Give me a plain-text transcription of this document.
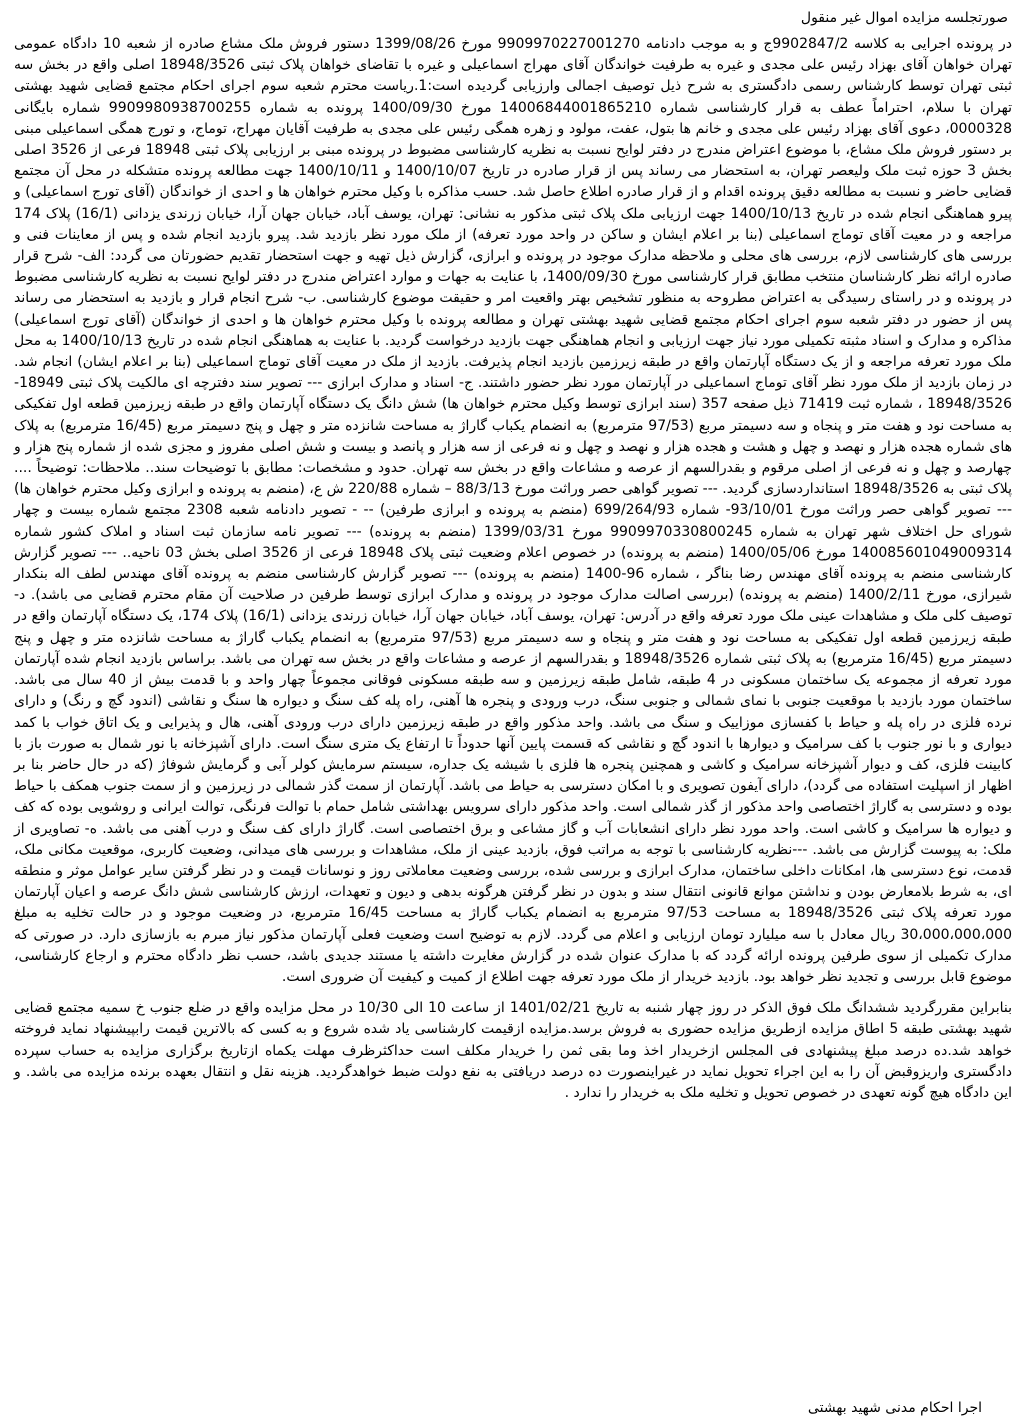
صورتجلسه مزایده اموال غیر منقول

در پرونده اجرایی به کلاسه 9902847/2ج و به موجب دادنامه 9909970227001270 مورخ 1399/08/26 دستور فروش ملک مشاع صادره از شعبه 10 دادگاه عمومی تهران خواهان آقای بهزاد رئیس علی مجدی و غیره به طرفیت خواندگان آقای مهراج اسماعیلی و غیره با تقاضای خواهان پلاک ثبتی 18948/3526 اصلی واقع در بخش سه ثبتی تهران توسط کارشناس رسمی دادگستری به شرح ذیل توصیف اجمالی وارزیابی گردیده است:1.ریاست محترم شعبه سوم اجرای احکام مجتمع قضایی شهید بهشتی تهران با سلام، احتراماً عطف به قرار کارشناسی شماره 14006844001865210 مورخ 1400/09/30 پرونده به شماره 9909980938700255 شماره بایگانی 0000328، دعوی آقای بهزاد رئیس علی مجدی و خانم ها بتول، عفت، مولود و زهره همگی رئیس علی مجدی به طرفیت آقایان مهراج، توماج، و تورج همگی اسماعیلی مبنی بر دستور فروش ملک مشاع، با موضوع اعتراض مندرج در دفتر لوایح نسبت به نظریه کارشناسی مضبوط در پرونده مبنی بر ارزیابی پلاک ثبتی 18948 فرعی از 3526 اصلی بخش 3 حوزه ثبت ملک ولیعصر تهران، به استحضار می رساند پس از قرار صادره در تاریخ 1400/10/07 و 1400/10/11 جهت مطالعه پرونده متشکله در محل آن مجتمع قضایی حاضر و نسبت به مطالعه دقیق پرونده اقدام و از قرار صادره اطلاع حاصل شد. حسب مذاکره با وکیل محترم خواهان ها و احدی از خواندگان (آقای تورج اسماعیلی) و پیرو هماهنگی انجام شده در تاریخ 1400/10/13 جهت ارزیابی ملک پلاک ثبتی مذکور به نشانی: تهران، یوسف آباد، خیابان جهان آرا، خیابان زرندی یزدانی (16/1) پلاک 174 مراجعه و در معیت آقای توماج اسماعیلی (بنا بر اعلام ایشان و ساکن در واحد مورد تعرفه) از ملک مورد نظر بازدید شد. پیرو بازدید انجام شده و پس از معاینات فنی و بررسی های کارشناسی لازم، بررسی های محلی و ملاحظه مدارک موجود در پرونده و ابرازی، گزارش ذیل تهیه و جهت استحضار تقدیم حضورتان می گردد: الف- شرح قرار صادره ارائه نظر کارشناسان منتخب مطابق قرار کارشناسی مورخ 1400/09/30، با عنایت به جهات و موارد اعتراض مندرج در دفتر لوایح نسبت به نظریه کارشناسی مضبوط در پرونده و در راستای رسیدگی به اعتراض مطروحه به منظور تشخیص بهتر واقعیت امر و حقیقت موضوع کارشناسی. ب- شرح انجام قرار و بازدید به استحضار می رساند پس از حضور در دفتر شعبه سوم اجرای احکام مجتمع قضایی شهید بهشتی تهران و مطالعه پرونده با وکیل محترم خواهان ها و احدی از خواندگان (آقای تورج اسماعیلی) مذاکره و مدارک و اسناد مثبته تکمیلی مورد نیاز جهت ارزیابی و انجام هماهنگی جهت بازدید درخواست گردید. با عنایت به هماهنگی انجام شده در تاریخ 1400/10/13 به محل ملک مورد تعرفه مراجعه و از یک دستگاه آپارتمان واقع در طبقه زیرزمین بازدید انجام پذیرفت. بازدید از ملک در معیت آقای توماج اسماعیلی (بنا بر اعلام ایشان) انجام شد. در زمان بازدید از ملک مورد نظر آقای توماج اسماعیلی در آپارتمان مورد نظر حضور داشتند. ج- اسناد و مدارک ابرازی --- تصویر سند دفترچه ای مالکیت پلاک ثبتی 18949-18948/3526 ، شماره ثبت 71419 ذیل صفحه 357 (سند ابرازی توسط وکیل محترم خواهان ها) شش دانگ یک دستگاه آپارتمان واقع در طبقه زیرزمین قطعه اول تفکیکی به مساحت نود و هفت متر و پنجاه و سه دسیمتر مربع (97/53 مترمربع) به انضمام یکباب گاراژ به مساحت شانزده متر و چهل و پنج دسیمتر مربع (16/45 مترمربع) به پلاک های شماره هجده هزار و نهصد و چهل و هشت و هجده هزار و نهصد و چهل و نه فرعی از سه هزار و پانصد و بیست و شش اصلی مفروز و مجزی شده از شماره پنج هزار و چهارصد و چهل و نه فرعی از اصلی مرقوم و بقدرالسهم از عرصه و مشاعات واقع در بخش سه تهران. حدود و مشخصات: مطابق با توضیحات سند.. ملاحظات: توضیحاً .... پلاک ثبتی به 18948/3526 استانداردسازی گردید. --- تصویر گواهی حصر وراثت مورخ 88/3/13 – شماره 220/88 ش ع، (منضم به پرونده و ابرازی وکیل محترم خواهان ها) --- تصویر گواهی حصر وراثت مورخ 93/10/01- شماره 699/264/93 (منضم به پرونده و ابرازی طرفین) -- - تصویر دادنامه شعبه 2308 مجتمع شماره بیست و چهار شورای حل اختلاف شهر تهران به شماره 9909970330800245 مورخ 1399/03/31 (منضم به پرونده) --- تصویر نامه سازمان ثبت اسناد و املاک کشور شماره 14008560104900931​4 مورخ 1400/05/06 (منضم به پرونده) در خصوص اعلام وضعیت ثبتی پلاک 18948 فرعی از 3526 اصلی بخش 03 ناحیه.. --- تصویر گزارش کارشناسی منضم به پرونده آقای مهندس رضا بناگر ، شماره 96-1400 (منضم به پرونده) --- تصویر گزارش کارشناسی منضم به پرونده آقای مهندس لطف اله بنکدار شیرازی، مورخ 1400/2/11 (منضم به پرونده) (بررسی اصالت مدارک موجود در پرونده و مدارک ابرازی توسط طرفین در صلاحیت آن مقام محترم قضایی می باشد). د- توصیف کلی ملک و مشاهدات عینی ملک مورد تعرفه واقع در آدرس: تهران، یوسف آباد، خیابان جهان آرا، خیابان زرندی یزدانی (16/1) پلاک 174، یک دستگاه آپارتمان واقع در طبقه زیرزمین قطعه اول تفکیکی به مساحت نود و هفت متر و پنجاه و سه دسیمتر مربع (97/53 مترمربع) به انضمام یکباب گاراژ به مساحت شانزده متر و چهل و پنج دسیمتر مربع (16/45 مترمربع) به پلاک ثبتی شماره 18948/3526 و بقدرالسهم از عرصه و مشاعات واقع در بخش سه تهران می باشد. براساس بازدید انجام شده آپارتمان مورد تعرفه از مجموعه یک ساختمان مسکونی در 4 طبقه، شامل طبقه زیرزمین و سه طبقه مسکونی فوقانی مجموعاً چهار واحد و با قدمت بیش از 40 سال می باشد. ساختمان مورد بازدید با موقعیت جنوبی با نمای شمالی و جنوبی سنگ، درب ورودی و پنجره ها آهنی، راه پله کف سنگ و دیواره ها سنگ و نقاشی (اندود گچ و رنگ) و دارای نرده فلزی در راه پله و حیاط با کفسازی موزاییک و سنگ می باشد. واحد مذکور واقع در طبقه زیرزمین دارای درب ورودی آهنی، هال و پذیرایی و یک اتاق خواب با کمد دیواری و با نور جنوب با کف سرامیک و دیوارها با اندود گچ و نقاشی که قسمت پایین آنها حدوداً تا ارتفاع یک متری سنگ است. دارای آشپزخانه با نور شمال به صورت باز با کابینت فلزی، کف و دیوار آشپزخانه سرامیک و کاشی و همچنین پنجره ها فلزی با شیشه یک جداره، سیستم سرمایش کولر آبی و گرمایش شوفاژ (که در حال حاضر بنا بر اظهار از اسپلیت استفاده می گردد)، دارای آیفون تصویری و با امکان دسترسی به حیاط می باشد. آپارتمان از سمت گذر شمالی در زیرزمین و از سمت جنوب همکف با حیاط بوده و دسترسی به گاراژ اختصاصی واحد مذکور از گذر شمالی است. واحد مذکور دارای سرویس بهداشتی شامل حمام با توالت فرنگی، توالت ایرانی و روشویی بوده که کف و دیواره ها سرامیک و کاشی است. واحد مورد نظر دارای انشعابات آب و گاز مشاعی و برق اختصاصی است. گاراژ دارای کف سنگ و درب آهنی می باشد. ه- تصاویری از ملک: به پیوست گزارش می باشد. ---نظریه کارشناسی با توجه به مراتب فوق، بازدید عینی از ملک، مشاهدات و بررسی های میدانی، وضعیت کاربری، موقعیت مکانی ملک، قدمت، نوع دسترسی ها، امکانات داخلی ساختمان، مدارک ابرازی و بررسی شده، بررسی وضعیت معاملاتی روز و نوسانات قیمت و در نظر گرفتن سایر عوامل موثر و منطقه ای، به شرط بلامعارض بودن و نداشتن موانع قانونی انتقال سند و بدون در نظر گرفتن هرگونه بدهی و دیون و تعهدات، ارزش کارشناسی شش دانگ عرصه و اعیان آپارتمان مورد تعرفه پلاک ثبتی 18948/3526 به مساحت 97/53 مترمربع به انضمام یکباب گاراژ به مساحت 16/45 مترمربع، در وضعیت موجود و در حالت تخلیه به مبلغ 30،000،000،000 ریال معادل با سه میلیارد تومان ارزیابی و اعلام می گردد. لازم به توضیح است وضعیت فعلی آپارتمان مذکور نیاز مبرم به بازسازی دارد. در صورتی که مدارک تکمیلی از سوی طرفین پرونده ارائه گردد که با مدارک عنوان شده در گزارش مغایرت داشته یا مستند جدیدی باشد، حسب نظر دادگاه محترم و ارجاع کارشناسی، موضوع قابل بررسی و تجدید نظر خواهد بود. بازدید خریدار از ملک مورد تعرفه جهت اطلاع از کمیت و کیفیت آن ضروری است.

بنابراین مقررگردید ششدانگ ملک فوق الذکر در روز چهار شنبه به تاریخ 1401/02/21 از ساعت 10 الی 10/30 در محل مزایده واقع در ضلع جنوب خ سمیه مجتمع قضایی شهید بهشتی طبقه 5 اطاق مزایده ازطریق مزایده حضوری به فروش برسد.مزایده ازقیمت کارشناسی یاد شده شروع و به کسی که بالاترین قیمت رابپیشنهاد نماید فروخته خواهد شد.ده درصد مبلغ پیشنهادی فی المجلس ازخریدار اخذ وما بقی ثمن را خریدار مکلف است حداکثرظرف مهلت یکماه ازتاریخ برگزاری مزایده به حساب سپرده دادگستری واریزوقبض آن را به این اجراء تحویل نماید در غیراینصورت ده درصد دریافتی به نفع دولت ضبط خواهدگردید. هزینه نقل و انتقال بعهده برنده مزایده می باشد. و این دادگاه هیچ گونه تعهدی در خصوص تحویل و تخلیه ملک به خریدار را ندارد .

اجرا احکام مدنی شهید بهشتی
